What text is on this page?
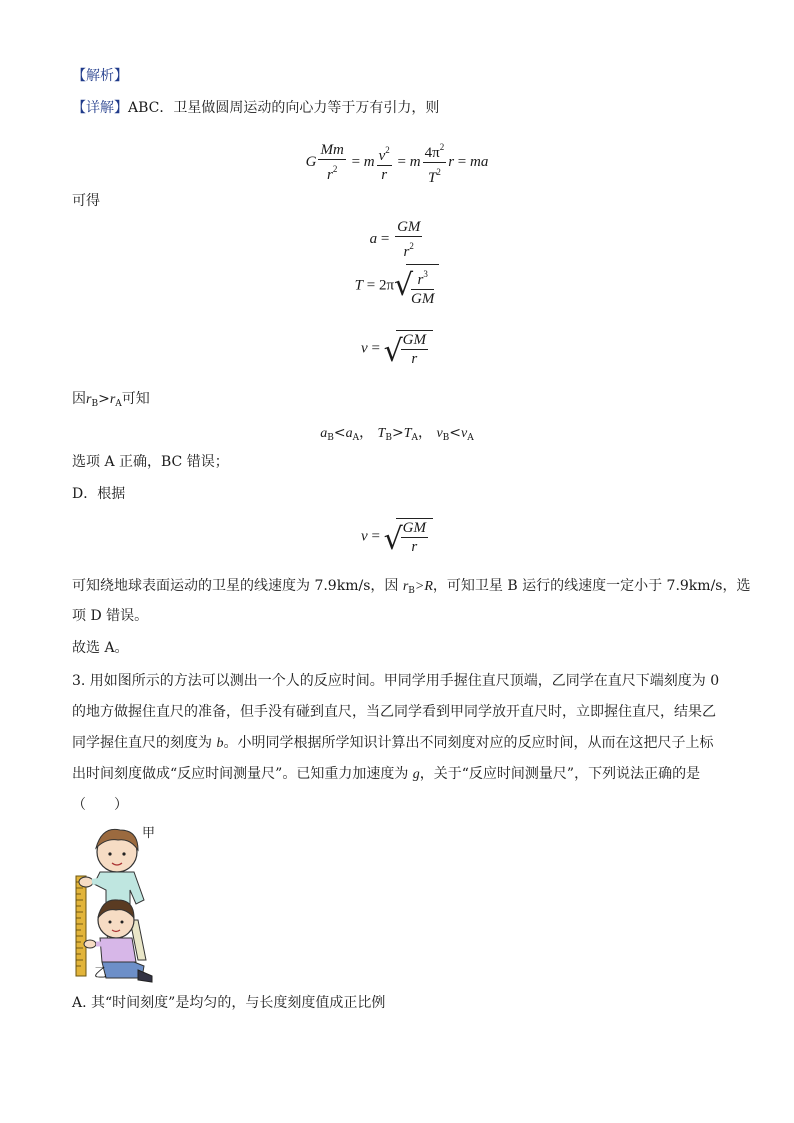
【解析】
【详解】ABC．卫星做圆周运动的向心力等于万有引力，则
G $\frac{Mm}{r^2} = m \frac{v^2}{r} = m \frac{4\pi^2}{T^2}$ r = ma
可得
$a = \frac{GM}{r^2}$
T = 2π √
$\frac{r^3}{GM}$
v = √
$\frac{GM}{r}$
因$r_B>r_A$可知
$a_B<a_A$， $T_B>T_A$， $v_B<v_A$
选项 A 正确，BC 错误；
D．根据
v = √
$\frac{GM}{r}$
可知绕地球表面运动的卫星的线速度为 7.9km/s，因 $r_B>R$，可知卫星 B 运行的线速度一定小于 7.9km/s，选
项 D 错误。
故选 A。
3. 用如图所示的方法可以测出一个人的反应时间。甲同学用手握住直尺顶端，乙同学在直尺下端刻度为 0
的地方做握住直尺的准备，但手没有碰到直尺，当乙同学看到甲同学放开直尺时，立即握住直尺，结果乙
同学握住直尺的刻度为 b。小明同学根据所学知识计算出不同刻度对应的反应时间，从而在这把尺子上标
出时间刻度做成“反应时间测量尺”。已知重力加速度为 g，关于“反应时间测量尺”，下列说法正确的是
（　　）
甲
乙
A. 其“时间刻度”是均匀的，与长度刻度值成正比例
